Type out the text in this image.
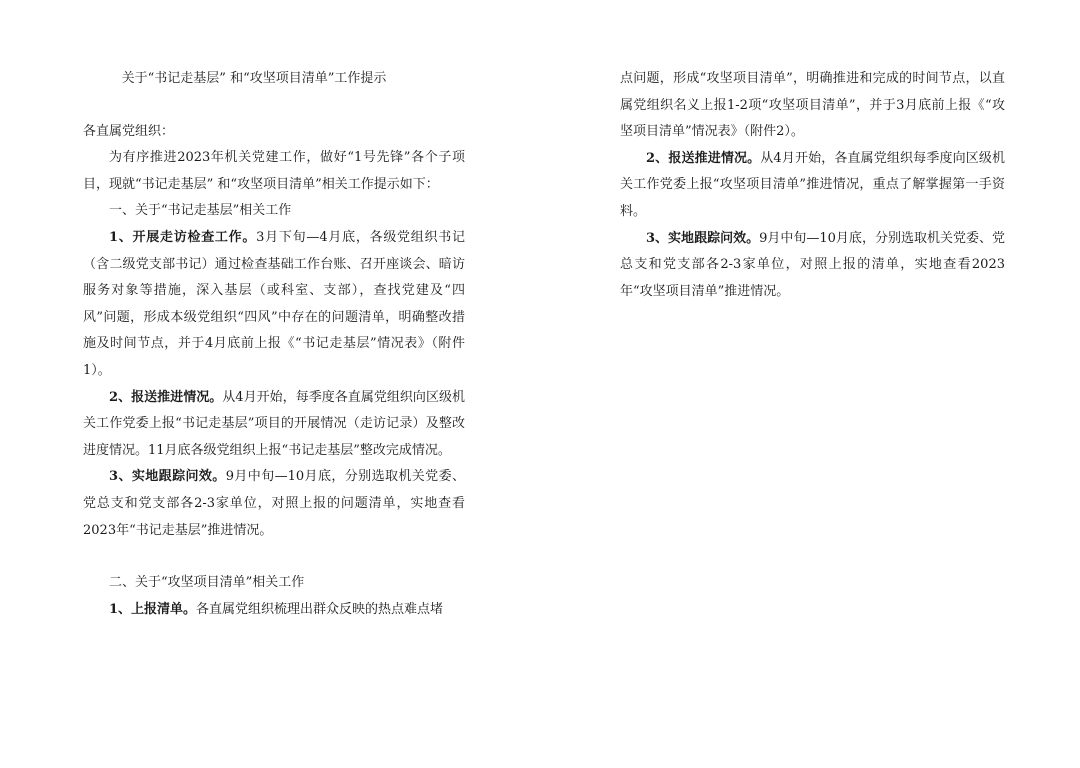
关于“书记走基层” 和“攻坚项目清单”工作提示

各直属党组织：

为有序推进2023年机关党建工作，做好“1号先锋”各个子项目，现就“书记走基层” 和“攻坚项目清单”相关工作提示如下：

一、关于“书记走基层”相关工作

1、开展走访检查工作。3月下旬—4月底，各级党组织书记（含二级党支部书记）通过检查基础工作台账、召开座谈会、暗访服务对象等措施，深入基层（或科室、支部），查找党建及“四风”问题，形成本级党组织“四风”中存在的问题清单，明确整改措施及时间节点，并于4月底前上报《“书记走基层”情况表》（附件1）。

2、报送推进情况。从4月开始，每季度各直属党组织向区级机关工作党委上报“书记走基层”项目的开展情况（走访记录）及整改进度情况。11月底各级党组织上报“书记走基层”整改完成情况。

3、实地跟踪问效。9月中旬—10月底，分别选取机关党委、党总支和党支部各2-3家单位，对照上报的问题清单，实地查看2023年“书记走基层”推进情况。

二、关于“攻坚项目清单”相关工作

1、上报清单。各直属党组织梳理出群众反映的热点难点堵

点问题，形成“攻坚项目清单”，明确推进和完成的时间节点，以直属党组织名义上报1-2项“攻坚项目清单”，并于3月底前上报《“攻坚项目清单”情况表》（附件2）。

2、报送推进情况。从4月开始，各直属党组织每季度向区级机关工作党委上报“攻坚项目清单”推进情况，重点了解掌握第一手资料。

3、实地跟踪问效。9月中旬—10月底，分别选取机关党委、党总支和党支部各2-3家单位，对照上报的清单，实地查看2023年“攻坚项目清单”推进情况。
